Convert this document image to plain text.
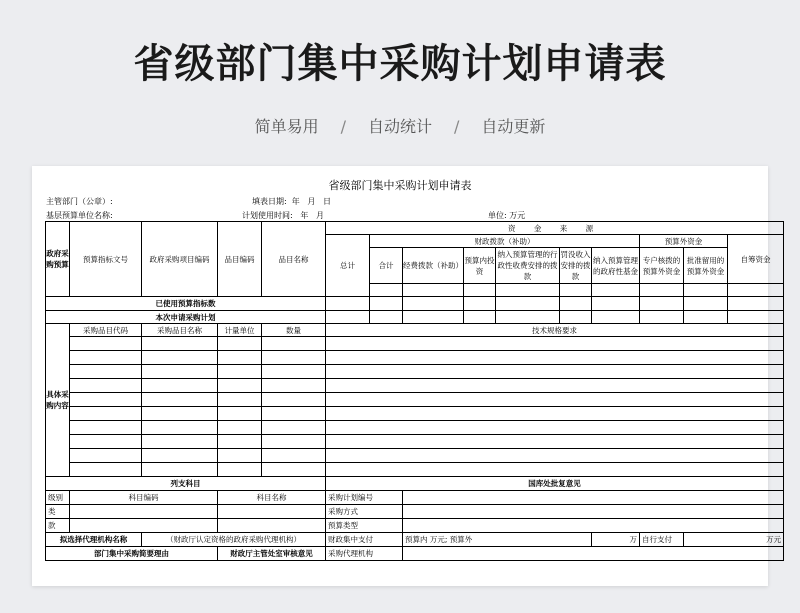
省级部门集中采购计划申请表
简单易用 / 自动统计 / 自动更新
省级部门集中采购计划申请表
主管部门（公章）:	填表日期:  年   月   日
基层预算单位名称:	计划使用时间:   年   月	单位: 万元
政府采购预算	预算指标文号	政府采购项目编码	品目编码	品目名称	资 金 来 源										
					总计	财政拨款（补助）						预算外资金		自筹资金	
						合计	经费拨款（补助）	预算内投资	纳入预算管理的行政性收费安排的拨款	罚没收入安排的拨款	纳入预算管理的政府性基金	专户核拨的预算外资金	批准留用的预算外资金		

已使用预算指标数															
本次申请采购计划															
具体采购内容	采购品目代码	采购品目名称	计量单位	数量	技术规格要求										

列支科目					国库处批复意见										
级别	科目编码		科目名称		采购计划编号										
类					采购方式										
款					预算类型										
拟选择代理机构名称		（财政厅认定资格的政府采购代理机构）			财政集中支付		预算内 万元; 预算外				万	自行支付	万元		
部门集中采购简要理由			财政厅主管处室审核意见		采购代理机构										
